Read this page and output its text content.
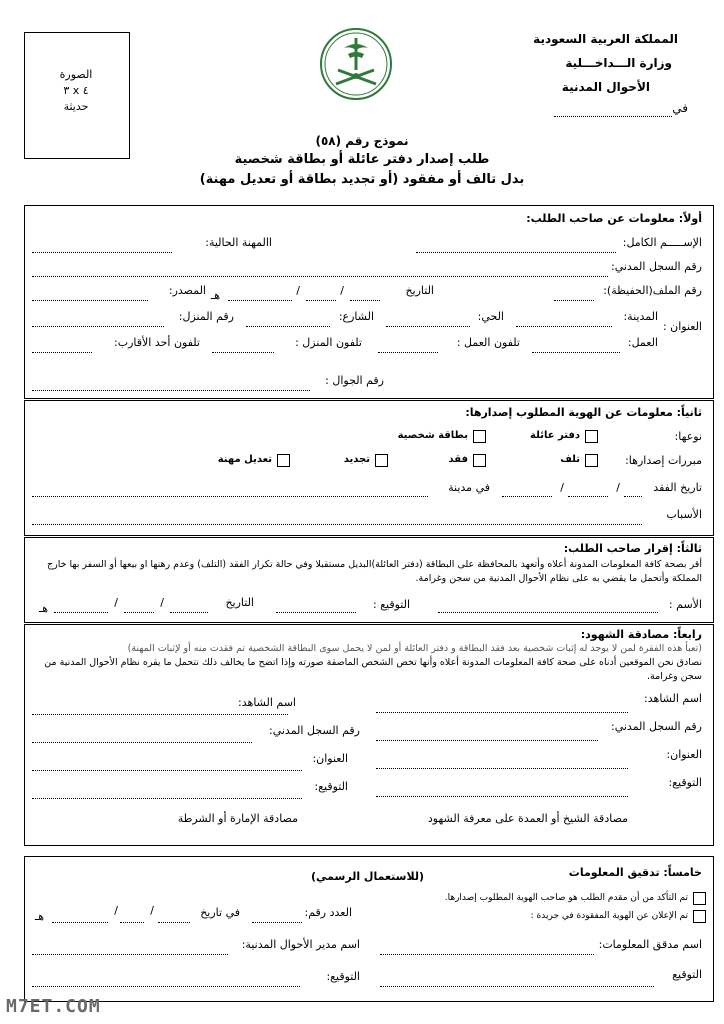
المملكة العربية السعودية
وزارة الـــداخـــلية
الأحوال المدنية
في
الصورة
٤ x ٣
حديثة
نموذج رقم (٥٨)
طلب إصدار دفتر عائلة أو بطاقة شخصية
بدل تالف أو مفقود (أو تجديد بطاقة أو تعديل مهنة)
أولاً: معلومات عن صاحب الطلب:
الإســـــم الكامل:
االمهنة الحالية:
رقم السجل المدني:
رقم الملف(الحفيظة):
التاريخ
/
/
هـ
المصدر:
العنوان :
المدينة:
الحي:
الشارع:
رقم المنزل:
العمل:
تلفون العمل :
تلفون المنزل :
تلفون أحد الأقارب:
رقم الجوال :
ثانياً: معلومات عن الهوية المطلوب إصدارها:
نوعها:
دفتر عائلة
بطاقة شخصية
مبررات إصدارها:
تلف
فقد
تجديد
تعديل مهنة
تاريخ الفقد
/
/
في مدينة
الأسباب
ثالثاً: إقرار صاحب الطلب:
أقر بصحة كافة المعلومات المدونة أعلاه وأتعهد بالمحافظة على البطاقة (دفتر العائلة)البديل مستقبلا وفي حالة تكرار الفقد (التلف) وعدم رهنها او بيعها أو السفر بها خارج
المملكة وأتحمل ما يقضي به على نظام الأحوال المدنية من سجن وغرامة.
الأسم :
التوقيع :
التاريخ
/
/
هـ
رابعاً: مصادقة الشهود:
(تعبأ هذه الفقرة لمن لا يوجد له إثبات شخصية بعد فقد البطاقة و دفتر العائلة أو لمن لا يحمل سوى البطاقة الشخصية تم فقدت منه أو لإثبات المهنة)
نصادق نحن الموقعين أدناه على صحة كافة المعلومات المدونة أعلاه وأنها تخص الشخص الماصقة صورته وإذا اتضح ما يخالف ذلك نتحمل ما يقره نظام الأحوال المدنية من
سجن وغرامة.
اسم الشاهد:
اسم الشاهد:
رقم السجل المدني:
رقم السجل المدني:
العنوان:
العنوان:
التوقيع:
التوقيع:
مصادقة الشيخ أو العمدة على معرفة الشهود
مصادقة الإمارة أو الشرطة
خامساً: تدقيق المعلومات
(للاستعمال الرسمي)
تم التأكد من أن مقدم الطلب هو صاحب الهوية المطلوب إصدارها.
تم الإعلان عن الهوية المفقودة في جريدة :
العدد رقم:
في تاريخ
/
/
هـ
اسم مدقق المعلومات:
اسم مدير الأحوال المدنية:
التوقيع
التوقيع:
M7ET.COM
